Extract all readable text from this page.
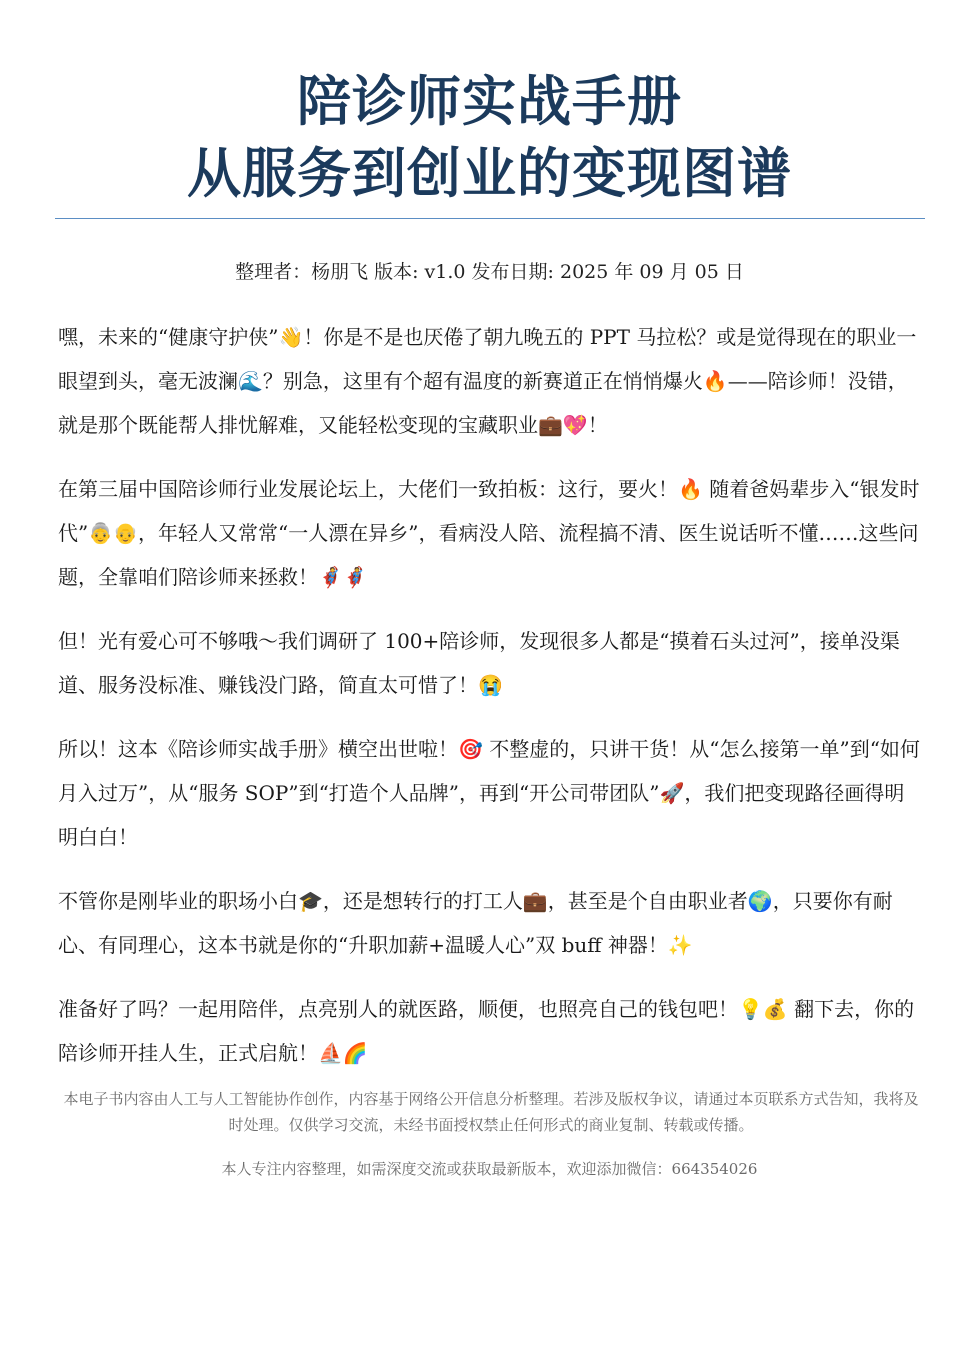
陪诊师实战手册
从服务到创业的变现图谱
整理者：杨朋飞 版本: v1.0 发布日期: 2025 年 09 月 05 日

嘿，未来的“健康守护侠”👋！你是不是也厌倦了朝九晚五的 PPT 马拉松？或是觉得现在的职业一眼望到头，毫无波澜🌊？别急，这里有个超有温度的新赛道正在悄悄爆火🔥——陪诊师！没错，就是那个既能帮人排忧解难，又能轻松变现的宝藏职业💼💖！

在第三届中国陪诊师行业发展论坛上，大佬们一致拍板：这行，要火！🔥 随着爸妈辈步入“银发时代”👵👴，年轻人又常常“一人漂在异乡”，看病没人陪、流程搞不清、医生说话听不懂……这些问题，全靠咱们陪诊师来拯救！🦸🦸

但！光有爱心可不够哦～我们调研了 100+陪诊师，发现很多人都是“摸着石头过河”，接单没渠道、服务没标准、赚钱没门路，简直太可惜了！😭

所以！这本《陪诊师实战手册》横空出世啦！🎯 不整虚的，只讲干货！从“怎么接第一单”到“如何月入过万”，从“服务 SOP”到“打造个人品牌”，再到“开公司带团队”🚀，我们把变现路径画得明明白白！

不管你是刚毕业的职场小白🎓，还是想转行的打工人💼，甚至是个自由职业者🌍，只要你有耐心、有同理心，这本书就是你的“升职加薪+温暖人心”双 buff 神器！✨

准备好了吗？一起用陪伴，点亮别人的就医路，顺便，也照亮自己的钱包吧！💡💰 翻下去，你的陪诊师开挂人生，正式启航！⛵🌈

本电子书内容由人工与人工智能协作创作，内容基于网络公开信息分析整理。若涉及版权争议，请通过本页联系方式告知，我将及时处理。仅供学习交流，未经书面授权禁止任何形式的商业复制、转载或传播。
本人专注内容整理，如需深度交流或获取最新版本，欢迎添加微信：664354026
